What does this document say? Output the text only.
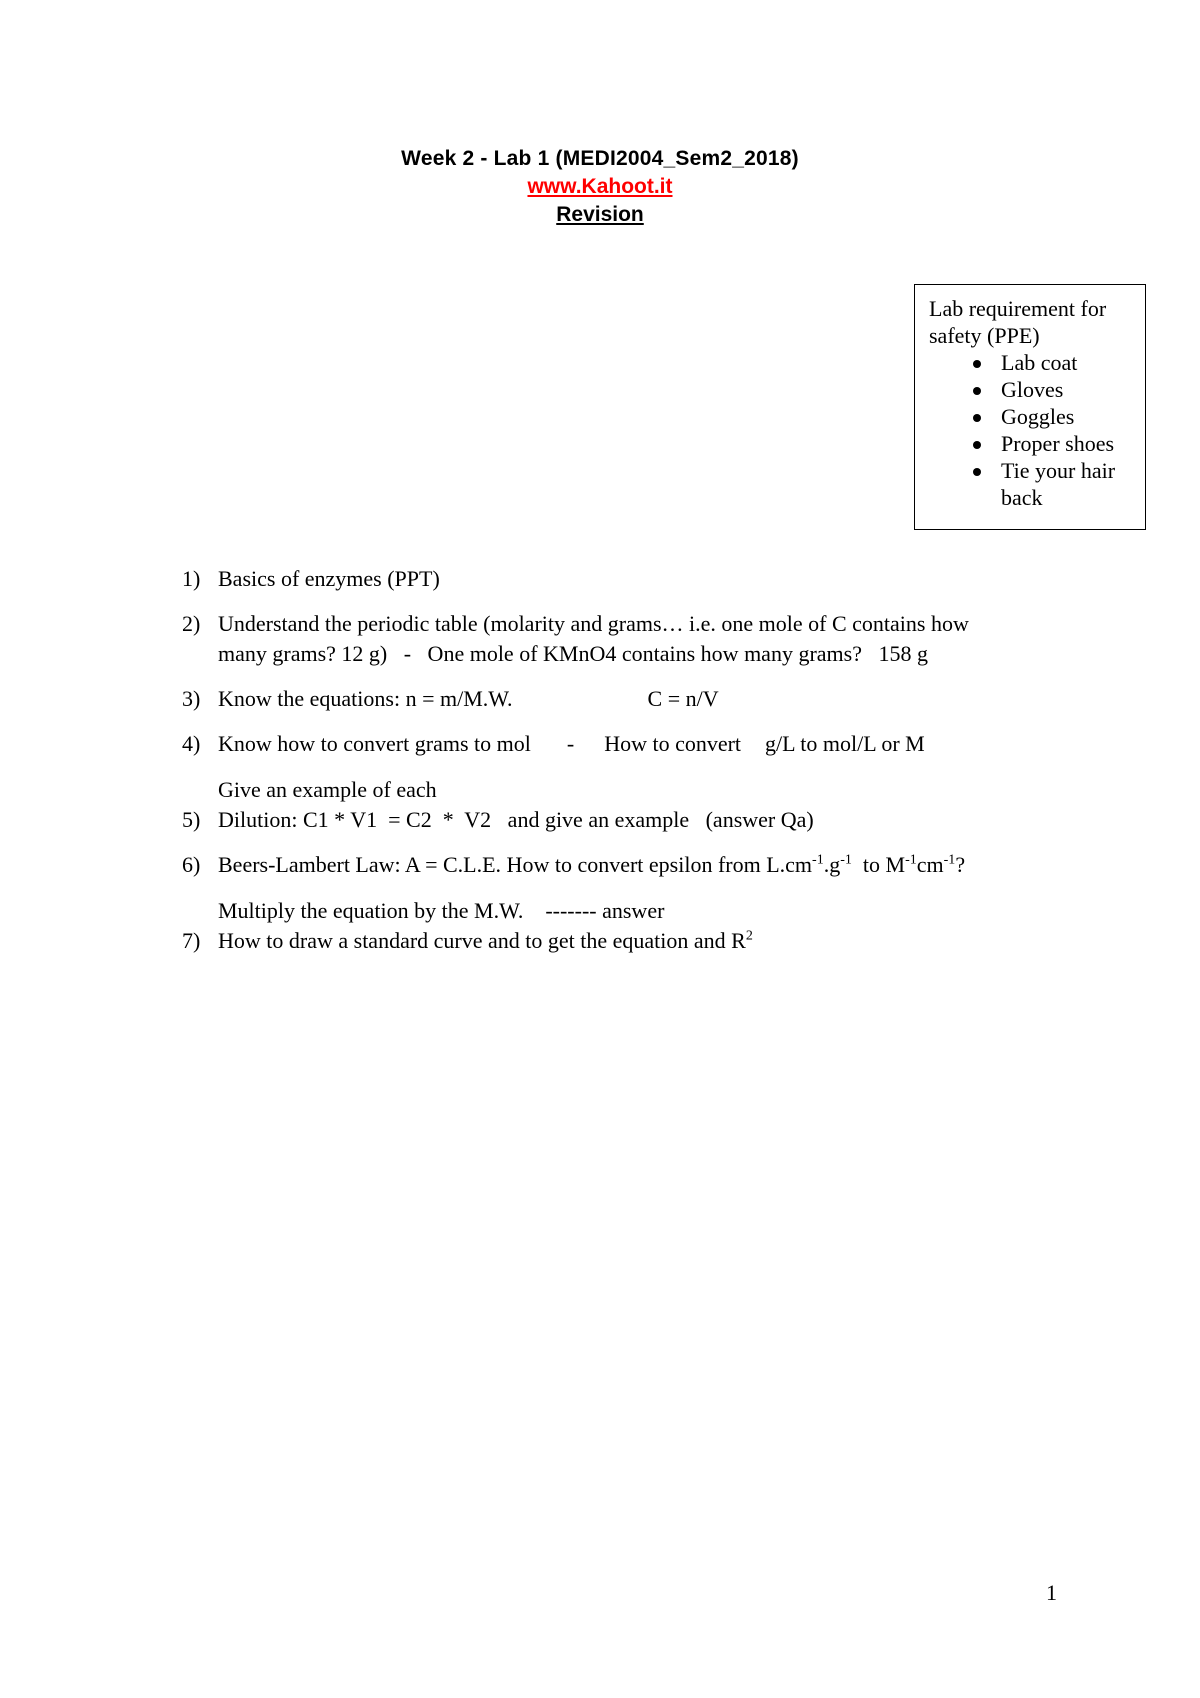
Week 2 - Lab 1 (MEDI2004_Sem2_2018)
www.Kahoot.it
Revision
Lab requirement for
safety (PPE)
Lab coat
Gloves
Goggles
Proper shoes
Tie your hair
back
1) Basics of enzymes (PPT)
2) Understand the periodic table (molarity and grams… i.e. one mole of C contains how
many grams? 12 g)   -   One mole of KMnO4 contains how many grams?   158 g
3) Know the equations: n = m/M.W.	C = n/V
4) Know how to convert grams to mol - How to convert g/L to mol/L or M
Give an example of each
5) Dilution: C1 * V1  = C2  *  V2   and give an example   (answer Qa)
6) Beers-Lambert Law: A = C.L.E. How to convert epsilon from $L.cm^{-1}.g^{-1}$  to $M^{-1}cm^{-1}$?
Multiply the equation by the M.W.    ------- answer
7) How to draw a standard curve and to get the equation and $R^2$
1
